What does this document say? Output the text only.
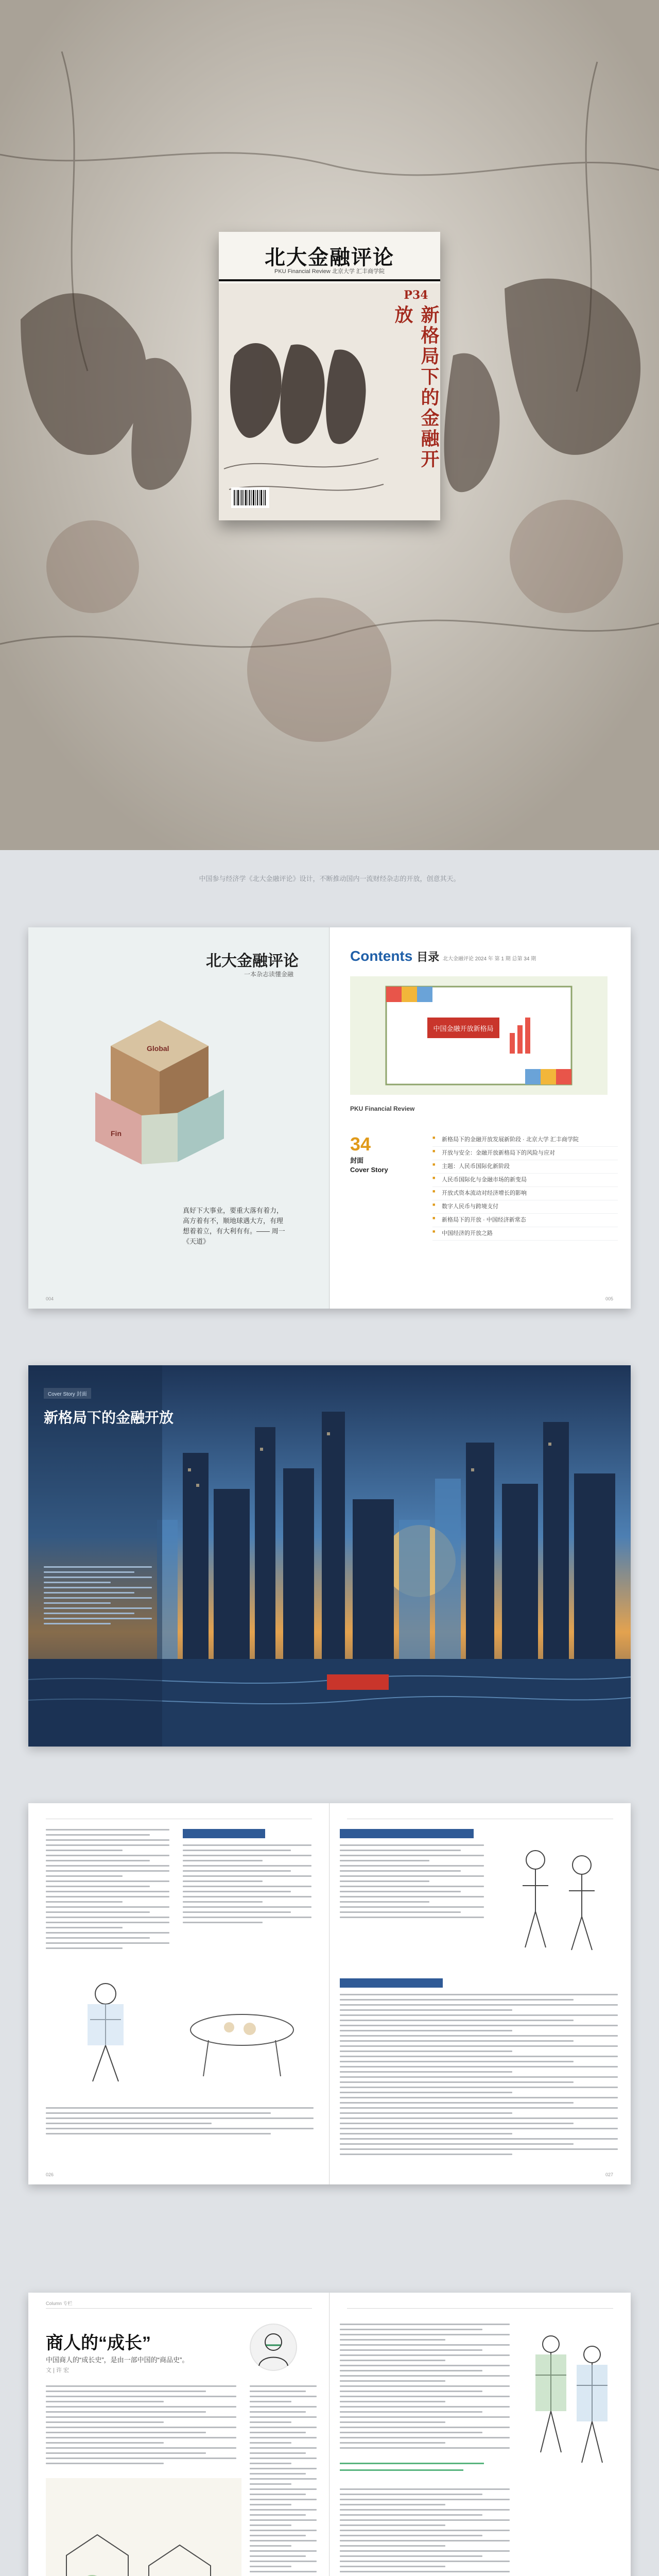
北大金融评论
PKU Financial Review 北京大学 汇丰商学院
P34
新格局下的金融开放
中国参与经济学《北大金融评论》设计，不断推动国内一流财经杂志的开放，创意其天。
北大金融评论
一本杂志读懂金融
Global
Fin
真好下大事业，要重大落有着力，高方着有不，顺地球遇大方，有理想着着立，有大利有有。—— 周一《天道》
004
Contents 目录 北大金融评论 2024 年 第 1 期 总第 34 期
中国金融开放新格局
PKU Financial Review
34
封面
Cover Story
■ 新格局下的金融开放发展新阶段 · 北京大学 汇丰商学院
■ 开放与安全：金融开放新格局下的风险与应对
■ 主题：人民币国际化新阶段
■ 人民币国际化与金融市场的新变局
■ 开放式资本流动对经济增长的影响
■ 数字人民币与跨境支付
■ 新格局下的开放 · 中国经济新常态
■ 中国经济的开放之路
005
Cover Story 封面
新格局下的金融开放
026	027
Column 专栏
商人的“成长”
中国商人的“成长史”，是由一部中国的“商品史”。
文 | 许 宏
